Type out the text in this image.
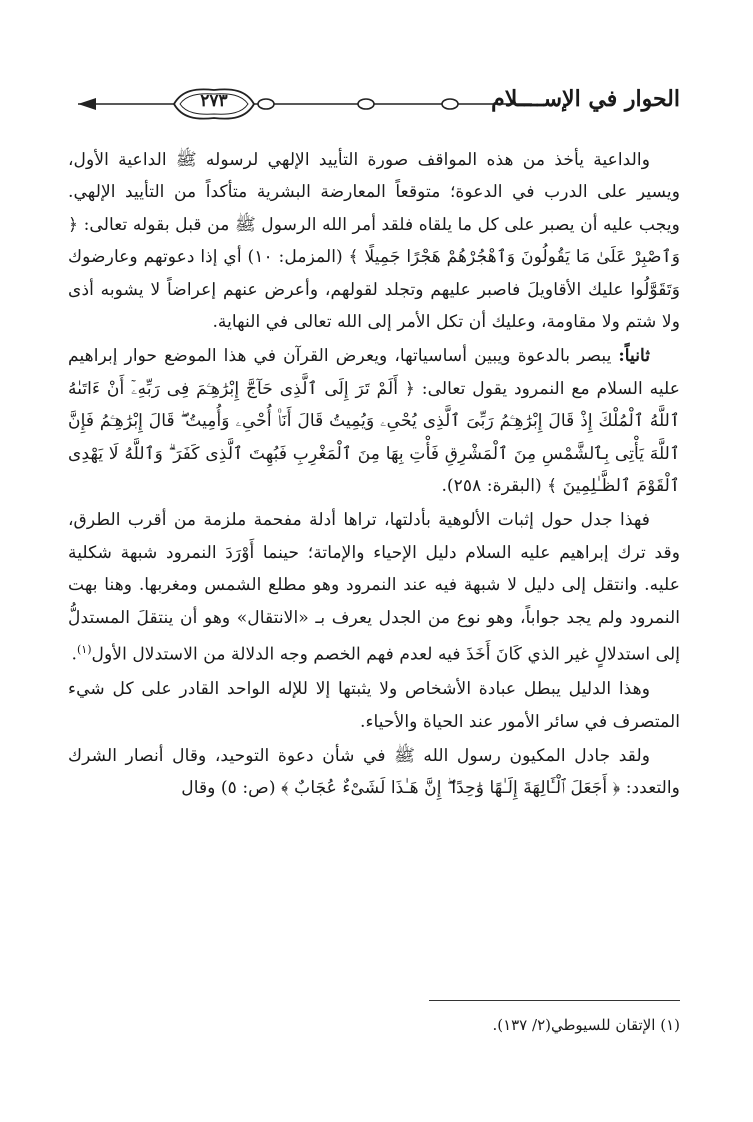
الحوار في الإســــلام
٢٧٣

والداعية يأخذ من هذه المواقف صورة التأييد الإلهي لرسوله ﷺ الداعية الأول، ويسير على الدرب في الدعوة؛ متوقعاً المعارضة البشرية متأكداً من التأييد الإلهي. ويجب عليه أن يصبر على كل ما يلقاه فلقد أمر الله الرسول ﷺ من قبل بقوله تعالى: ﴿ وَٱصْبِرْ عَلَىٰ مَا يَقُولُونَ وَٱهْجُرْهُمْ هَجْرًا جَمِيلًا ﴾ (المزمل: ١٠) أي إذا دعوتهم وعارضوك وَتَقَوَّلُوا عليك الأقاويلَ فاصبر عليهم وتجلد لقولهم، وأعرض عنهم إعراضاً لا يشوبه أذى ولا شتم ولا مقاومة، وعليك أن تكل الأمر إلى الله تعالى في النهاية.

ثانياً: يبصر بالدعوة ويبين أساسياتها، ويعرض القرآن في هذا الموضع حوار إبراهيم عليه السلام مع النمرود يقول تعالى: ﴿ أَلَمْ تَرَ إِلَى ٱلَّذِى حَآجَّ إِبْرَٰهِـۧمَ فِى رَبِّهِۦٓ أَنْ ءَاتَىٰهُ ٱللَّهُ ٱلْمُلْكَ إِذْ قَالَ إِبْرَٰهِـۧمُ رَبِّىَ ٱلَّذِى يُحْىِۦ وَيُمِيتُ قَالَ أَنَا۠ أُحْىِۦ وَأُمِيتُ ۖ قَالَ إِبْرَٰهِـۧمُ فَإِنَّ ٱللَّهَ يَأْتِى بِٱلشَّمْسِ مِنَ ٱلْمَشْرِقِ فَأْتِ بِهَا مِنَ ٱلْمَغْرِبِ فَبُهِتَ ٱلَّذِى كَفَرَ ۗ وَٱللَّهُ لَا يَهْدِى ٱلْقَوْمَ ٱلظَّـٰلِمِينَ ﴾ (البقرة: ٢٥٨).

فهذا جدل حول إثبات الألوهية بأدلتها، تراها أدلة مفحمة ملزمة من أقرب الطرق، وقد ترك إبراهيم عليه السلام دليل الإحياء والإماتة؛ حينما أَوْرَدَ النمرود شبهة شكلية عليه. وانتقل إلى دليل لا شبهة فيه عند النمرود وهو مطلع الشمس ومغربها. وهنا بهت النمرود ولم يجد جواباً، وهو نوع من الجدل يعرف بـ «الانتقال» وهو أن ينتقلَ المستدلُّ إلى استدلالٍ غير الذي كَانَ أَخَذَ فيه لعدم فهم الخصم وجه الدلالة من الاستدلال الأول$^{(١)}$.

وهذا الدليل يبطل عبادة الأشخاص ولا يثبتها إلا للإله الواحد القادر على كل شيء المتصرف في سائر الأمور عند الحياة والأحياء.

ولقد جادل المكيون رسول الله ﷺ في شأن دعوة التوحيد، وقال أنصار الشرك والتعدد: ﴿ أَجَعَلَ ٱلْـَٔالِهَةَ إِلَـٰهًا وَٰحِدًا ۖ إِنَّ هَـٰذَا لَشَىْءٌ عُجَابٌ ﴾ (ص: ٥) وقال

(١) الإتقان للسيوطي(٢/ ١٣٧).
